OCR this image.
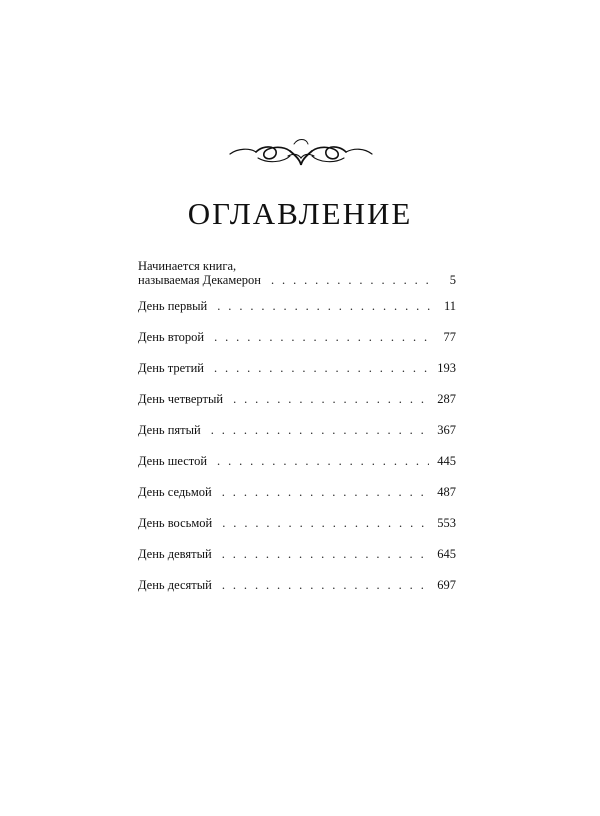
ОГЛАВЛЕНИЕ
Начинается книга,
называемая Декамерон . . .	5
День первый . . .	11
День второй . . .	77
День третий . . .	193
День четвертый . . .	287
День пятый . . .	367
День шестой . . .	445
День седьмой . . .	487
День восьмой . . .	553
День девятый . . .	645
День десятый . . .	697
